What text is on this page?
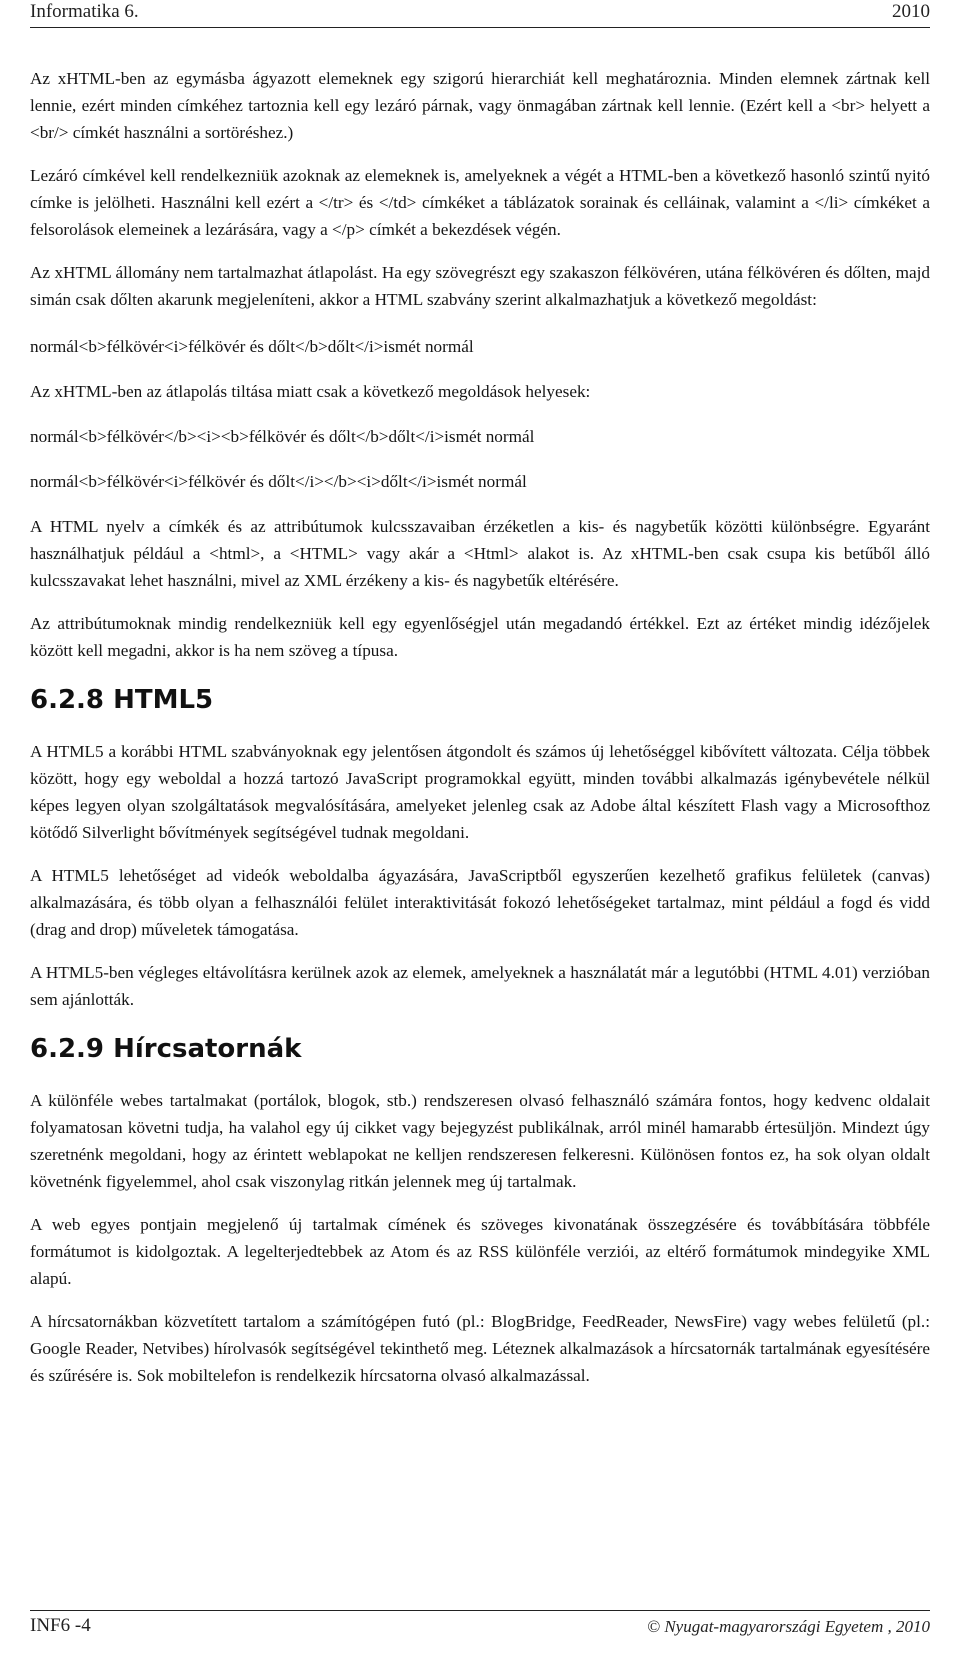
Informatika 6.	2010

Az xHTML-ben az egymásba ágyazott elemeknek egy szigorú hierarchiát kell meghatároznia. Minden elemnek zártnak kell lennie, ezért minden címkéhez tartoznia kell egy lezáró párnak, vagy önmagában zártnak kell lennie. (Ezért kell a <br> helyett a <br/> címkét használni a sortöréshez.)

Lezáró címkével kell rendelkezniük azoknak az elemeknek is, amelyeknek a végét a HTML-ben a következő hasonló szintű nyitó címke is jelölheti. Használni kell ezért a </tr> és </td> címkéket a táblázatok sorainak és celláinak, valamint a </li> címkéket a felsorolások elemeinek a lezárására, vagy a </p> címkét a bekezdések végén.

Az xHTML állomány nem tartalmazhat átlapolást. Ha egy szövegrészt egy szakaszon félkövéren, utána félkövéren és dőlten, majd simán csak dőlten akarunk megjeleníteni, akkor a HTML szabvány szerint alkalmazhatjuk a következő megoldást:

normál<b>félkövér<i>félkövér és dőlt</b>dőlt</i>ismét normál
Az xHTML-ben az átlapolás tiltása miatt csak a következő megoldások helyesek:
normál<b>félkövér</b><i><b>félkövér és dőlt</b>dőlt</i>ismét normál
normál<b>félkövér<i>félkövér és dőlt</i></b><i>dőlt</i>ismét normál

A HTML nyelv a címkék és az attribútumok kulcsszavaiban érzéketlen a kis- és nagybetűk közötti különbségre. Egyaránt használhatjuk például a <html>, a <HTML> vagy akár a <Html> alakot is. Az xHTML-ben csak csupa kis betűből álló kulcsszavakat lehet használni, mivel az XML érzékeny a kis- és nagybetűk eltérésére.

Az attribútumoknak mindig rendelkezniük kell egy egyenlőségjel után megadandó értékkel. Ezt az értéket mindig idézőjelek között kell megadni, akkor is ha nem szöveg a típusa.

6.2.8 HTML5

A HTML5 a korábbi HTML szabványoknak egy jelentősen átgondolt és számos új lehetőséggel kibővített változata. Célja többek között, hogy egy weboldal a hozzá tartozó JavaScript programokkal együtt, minden további alkalmazás igénybevétele nélkül képes legyen olyan szolgáltatások megvalósítására, amelyeket jelenleg csak az Adobe által készített Flash vagy a Microsofthoz kötődő Silverlight bővítmények segítségével tudnak megoldani.

A HTML5 lehetőséget ad videók weboldalba ágyazására, JavaScriptből egyszerűen kezelhető grafikus felületek (canvas) alkalmazására, és több olyan a felhasználói felület interaktivitását fokozó lehetőségeket tartalmaz, mint például a fogd és vidd (drag and drop) műveletek támogatása.

A HTML5-ben végleges eltávolításra kerülnek azok az elemek, amelyeknek a használatát már a legutóbbi (HTML 4.01) verzióban sem ajánlották.

6.2.9 Hírcsatornák

A különféle webes tartalmakat (portálok, blogok, stb.) rendszeresen olvasó felhasználó számára fontos, hogy kedvenc oldalait folyamatosan követni tudja, ha valahol egy új cikket vagy bejegyzést publikálnak, arról minél hamarabb értesüljön. Mindezt úgy szeretnénk megoldani, hogy az érintett weblapokat ne kelljen rendszeresen felkeresni. Különösen fontos ez, ha sok olyan oldalt követnénk figyelemmel, ahol csak viszonylag ritkán jelennek meg új tartalmak.

A web egyes pontjain megjelenő új tartalmak címének és szöveges kivonatának összegzésére és továbbítására többféle formátumot is kidolgoztak. A legelterjedtebbek az Atom és az RSS különféle verziói, az eltérő formátumok mindegyike XML alapú.

A hírcsatornákban közvetített tartalom a számítógépen futó (pl.: BlogBridge, FeedReader, NewsFire) vagy webes felületű (pl.: Google Reader, Netvibes) hírolvasók segítségével tekinthető meg. Léteznek alkalmazások a hírcsatornák tartalmának egyesítésére és szűrésére is. Sok mobiltelefon is rendelkezik hírcsatorna olvasó alkalmazással.

INF6 -4	© Nyugat-magyarországi Egyetem , 2010
